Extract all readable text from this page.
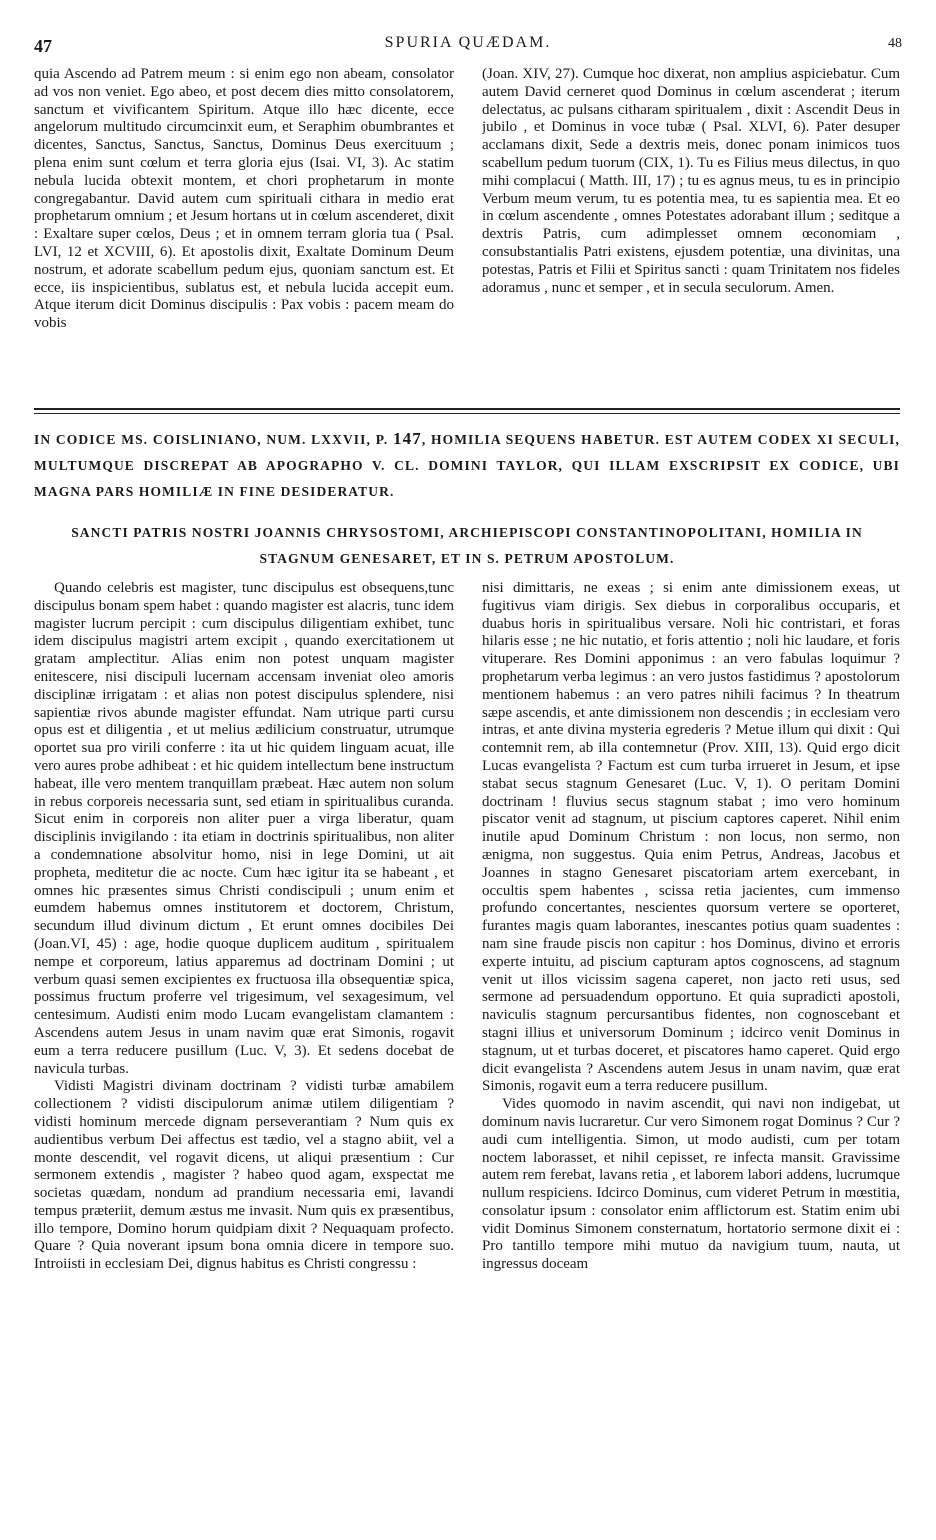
47	SPURIA QUÆDAM.	48

quia Ascendo ad Patrem meum : si enim ego non abeam, consolator ad vos non veniet. Ego abeo, et post decem dies mitto consolatorem, sanctum et vivificantem Spiritum. Atque illo hæc dicente, ecce angelorum multitudo circumcinxit eum, et Seraphim obumbrantes et dicentes, Sanctus, Sanctus, Sanctus, Dominus Deus exercituum ; plena enim sunt cœlum et terra gloria ejus (Isai. VI, 3). Ac statim nebula lucida obtexit montem, et chori prophetarum in monte congregabantur. David autem cum spirituali cithara in medio erat prophetarum omnium ; et Jesum hortans ut in cœlum ascenderet, dixit : Exaltare super cœlos, Deus ; et in omnem terram gloria tua ( Psal. LVI, 12 et XCVIII, 6). Et apostolis dixit, Exaltate Dominum Deum nostrum, et adorate scabellum pedum ejus, quoniam sanctum est. Et ecce, iis inspicientibus, sublatus est, et nebula lucida accepit eum. Atque iterum dicit Dominus discipulis : Pax vobis : pacem meam do vobis

(Joan. XIV, 27). Cumque hoc dixerat, non amplius aspiciebatur. Cum autem David cerneret quod Dominus in cœlum ascenderat ; iterum delectatus, ac pulsans citharam spiritualem , dixit : Ascendit Deus in jubilo , et Dominus in voce tubæ ( Psal. XLVI, 6). Pater desuper acclamans dixit, Sede a dextris meis, donec ponam inimicos tuos scabellum pedum tuorum (CIX, 1). Tu es Filius meus dilectus, in quo mihi complacui ( Matth. III, 17) ; tu es agnus meus, tu es in principio Verbum meum verum, tu es potentia mea, tu es sapientia mea. Et eo in cœlum ascendente , omnes Potestates adorabant illum ; seditque a dextris Patris, cum adimplesset omnem œconomiam , consubstantialis Patri existens, ejusdem potentiæ, una divinitas, una potestas, Patris et Filii et Spiritus sancti : quam Trinitatem nos fideles adoramus , nunc et semper , et in secula seculorum. Amen.

IN CODICE MS. COISLINIANO, NUM. LXXVII, P. 147, HOMILIA SEQUENS HABETUR. EST AUTEM CODEX XI SECULI, MULTUMQUE DISCREPAT AB APOGRAPHO V. CL. DOMINI TAYLOR, QUI ILLAM EXSCRIPSIT EX CODICE, UBI MAGNA PARS HOMILIÆ IN FINE DESIDERATUR.
SANCTI PATRIS NOSTRI JOANNIS CHRYSOSTOMI, ARCHIEPISCOPI CONSTANTINOPOLITANI, HOMILIA IN STAGNUM GENESARET, ET IN S. PETRUM APOSTOLUM.

Quando celebris est magister, tunc discipulus est obsequens,tunc discipulus bonam spem habet : quando magister est alacris, tunc idem magister lucrum percipit : cum discipulus diligentiam exhibet, tunc idem discipulus magistri artem excipit , quando exercitationem ut gratam amplectitur. Alias enim non potest unquam magister enitescere, nisi discipuli lucernam accensam inveniat oleo amoris disciplinæ irrigatam : et alias non potest discipulus splendere, nisi sapientiæ rivos abunde magister effundat. Nam utrique parti cursu opus est et diligentia , et ut melius ædilicium construatur, utrumque oportet sua pro virili conferre : ita ut hic quidem linguam acuat, ille vero aures probe adhibeat : et hic quidem intellectum bene instructum habeat, ille vero mentem tranquillam præbeat. Hæc autem non solum in rebus corporeis necessaria sunt, sed etiam in spiritualibus curanda. Sicut enim in corporeis non aliter puer a virga liberatur, quam disciplinis invigilando : ita etiam in doctrinis spiritualibus, non aliter a condemnatione absolvitur homo, nisi in lege Domini, ut ait propheta, meditetur die ac nocte. Cum hæc igitur ita se habeant , et omnes hic præsentes simus Christi condiscipuli ; unum enim et eumdem habemus omnes institutorem et doctorem, Christum, secundum illud divinum dictum , Et erunt omnes docibiles Dei (Joan.VI, 45) : age, hodie quoque duplicem auditum , spiritualem nempe et corporeum, latius apparemus ad doctrinam Domini ; ut verbum quasi semen excipientes ex fructuosa illa obsequentiæ spica, possimus fructum proferre vel trigesimum, vel sexagesimum, vel centesimum. Audisti enim modo Lucam evangelistam clamantem : Ascendens autem Jesus in unam navim quæ erat Simonis, rogavit eum a terra reducere pusillum (Luc. V, 3). Et sedens docebat de navicula turbas.

Vidisti Magistri divinam doctrinam ? vidisti turbæ amabilem collectionem ? vidisti discipulorum animæ utilem diligentiam ? vidisti hominum mercede dignam perseverantiam ? Num quis ex audientibus verbum Dei affectus est tædio, vel a stagno abiit, vel a monte descendit, vel rogavit dicens, ut aliqui præsentium : Cur sermonem extendis , magister ? habeo quod agam, exspectat me societas quædam, nondum ad prandium necessaria emi, lavandi tempus præteriit, demum æstus me invasit. Num quis ex præsentibus, illo tempore, Domino horum quidpiam dixit ? Nequaquam profecto. Quare ? Quia noverant ipsum bona omnia dicere in tempore suo. Introiisti in ecclesiam Dei, dignus habitus es Christi congressu :

nisi dimittaris, ne exeas ; si enim ante dimissionem exeas, ut fugitivus viam dirigis. Sex diebus in corporalibus occuparis, et duabus horis in spiritualibus versare. Noli hic contristari, et foras hilaris esse ; ne hic nutatio, et foris attentio ; noli hic laudare, et foris vituperare. Res Domini apponimus : an vero fabulas loquimur ? prophetarum verba legimus : an vero justos fastidimus ? apostolorum mentionem habemus : an vero patres nihili facimus ? In theatrum sæpe ascendis, et ante dimissionem non descendis ; in ecclesiam vero intras, et ante divina mysteria egrederis ? Metue illum qui dixit : Qui contemnit rem, ab illa contemnetur (Prov. XIII, 13). Quid ergo dicit Lucas evangelista ? Factum est cum turba irrueret in Jesum, et ipse stabat secus stagnum Genesaret (Luc. V, 1). O peritam Domini doctrinam ! fluvius secus stagnum stabat ; imo vero hominum piscator venit ad stagnum, ut piscium captores caperet. Nihil enim inutile apud Dominum Christum : non locus, non sermo, non ænigma, non suggestus. Quia enim Petrus, Andreas, Jacobus et Joannes in stagno Genesaret piscatoriam artem exercebant, in occultis spem habentes , scissa retia jacientes, cum immenso profundo concertantes, nescientes quorsum vertere se oporteret, furantes magis quam laborantes, inescantes potius quam suadentes : nam sine fraude piscis non capitur : hos Dominus, divino et erroris experte intuitu, ad piscium capturam aptos cognoscens, ad stagnum venit ut illos vicissim sagena caperet, non jacto reti usus, sed sermone ad persuadendum opportuno. Et quia supradicti apostoli, naviculis stagnum percursantibus fidentes, non cognoscebant et stagni illius et universorum Dominum ; idcirco venit Dominus in stagnum, ut et turbas doceret, et piscatores hamo caperet. Quid ergo dicit evangelista ? Ascendens autem Jesus in unam navim, quæ erat Simonis, rogavit eum a terra reducere pusillum.

Vides quomodo in navim ascendit, qui navi non indigebat, ut dominum navis lucraretur. Cur vero Simonem rogat Dominus ? Cur ? audi cum intelligentia. Simon, ut modo audisti, cum per totam noctem laborasset, et nihil cepisset, re infecta mansit. Gravissime autem rem ferebat, lavans retia , et laborem labori addens, lucrumque nullum respiciens. Idcirco Dominus, cum videret Petrum in mœstitia, consolatur ipsum : consolator enim afflictorum est. Statim enim ubi vidit Dominus Simonem consternatum, hortatorio sermone dixit ei : Pro tantillo tempore mihi mutuo da navigium tuum, nauta, ut ingressus doceam
